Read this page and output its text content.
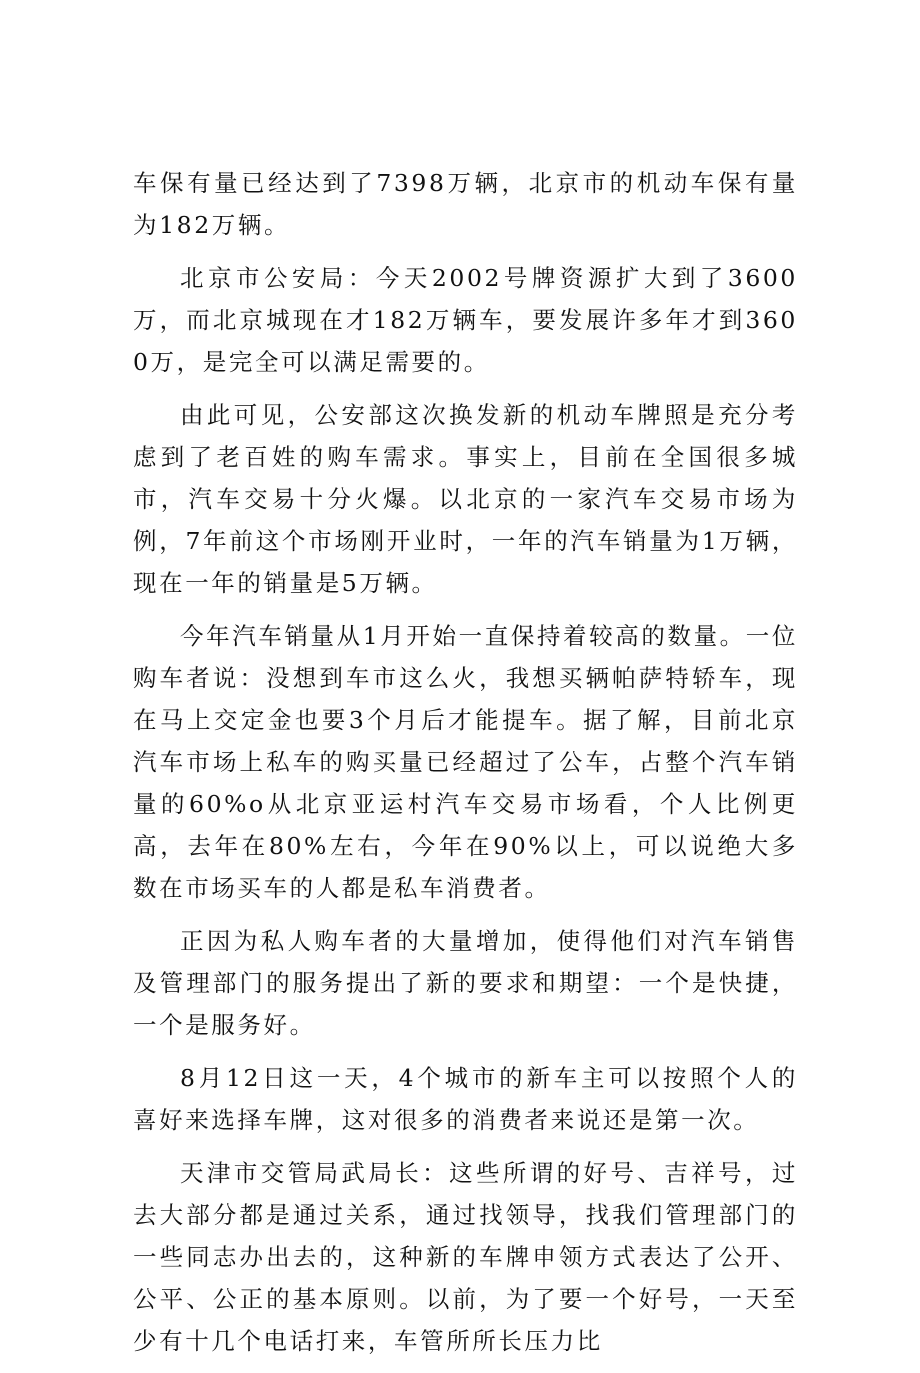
车保有量已经达到了7398万辆，北京市的机动车保有量为182万辆。

北京市公安局：今天2002号牌资源扩大到了3600万，而北京城现在才182万辆车，要发展许多年才到3600万，是完全可以满足需要的。

由此可见，公安部这次换发新的机动车牌照是充分考虑到了老百姓的购车需求。事实上，目前在全国很多城市，汽车交易十分火爆。以北京的一家汽车交易市场为例，7年前这个市场刚开业时，一年的汽车销量为1万辆，现在一年的销量是5万辆。

今年汽车销量从1月开始一直保持着较高的数量。一位购车者说：没想到车市这么火，我想买辆帕萨特轿车，现在马上交定金也要3个月后才能提车。据了解，目前北京汽车市场上私车的购买量已经超过了公车，占整个汽车销量的60%o从北京亚运村汽车交易市场看，个人比例更高，去年在80%左右，今年在90%以上，可以说绝大多数在市场买车的人都是私车消费者。

正因为私人购车者的大量增加，使得他们对汽车销售及管理部门的服务提出了新的要求和期望：一个是快捷，一个是服务好。

8月12日这一天，4个城市的新车主可以按照个人的喜好来选择车牌，这对很多的消费者来说还是第一次。

天津市交管局武局长：这些所谓的好号、吉祥号，过去大部分都是通过关系，通过找领导，找我们管理部门的一些同志办出去的，这种新的车牌申领方式表达了公开、公平、公正的基本原则。以前，为了要一个好号，一天至少有十几个电话打来，车管所所长压力比
